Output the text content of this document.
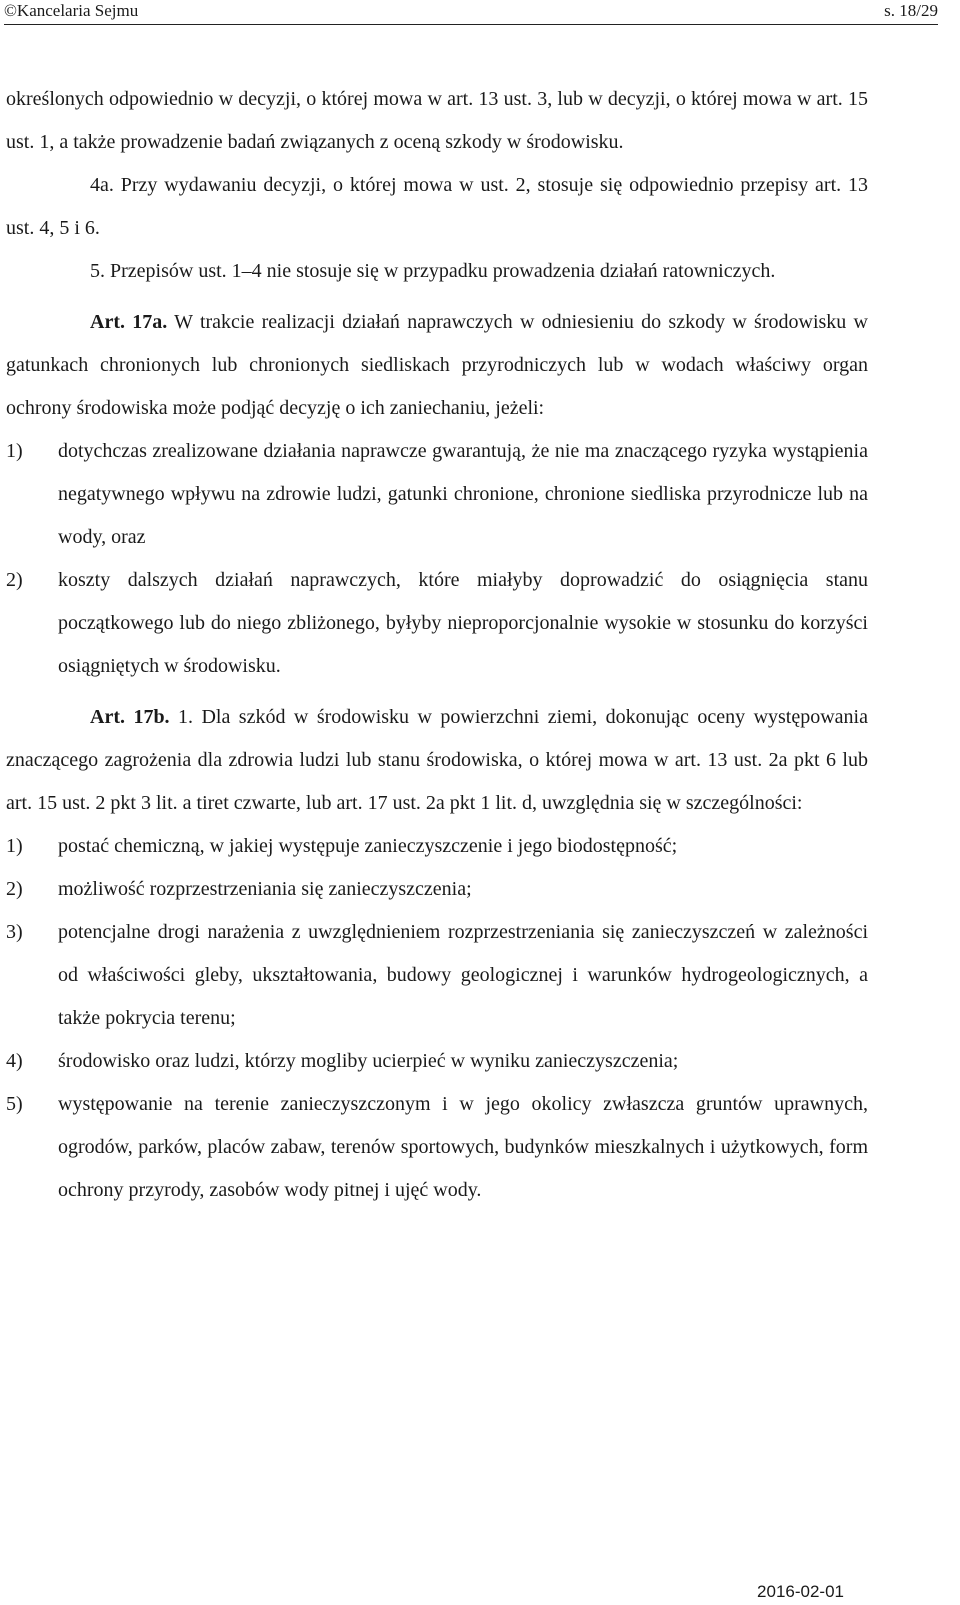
©Kancelaria Sejmu	s. 18/29

określonych odpowiednio w decyzji, o której mowa w art. 13 ust. 3, lub w decyzji, o której mowa w art. 15 ust. 1, a także prowadzenie badań związanych z oceną szkody w środowisku.

4a. Przy wydawaniu decyzji, o której mowa w ust. 2, stosuje się odpowiednio przepisy art. 13 ust. 4, 5 i 6.

5. Przepisów ust. 1–4 nie stosuje się w przypadku prowadzenia działań ratowniczych.

Art. 17a. W trakcie realizacji działań naprawczych w odniesieniu do szkody w środowisku w gatunkach chronionych lub chronionych siedliskach przyrodniczych lub w wodach właściwy organ ochrony środowiska może podjąć decyzję o ich zaniechaniu, jeżeli:

1)	dotychczas zrealizowane działania naprawcze gwarantują, że nie ma znaczącego ryzyka wystąpienia negatywnego wpływu na zdrowie ludzi, gatunki chronione, chronione siedliska przyrodnicze lub na wody, oraz
2)	koszty dalszych działań naprawczych, które miałyby doprowadzić do osiągnięcia stanu początkowego lub do niego zbliżonego, byłyby nieproporcjonalnie wysokie w stosunku do korzyści osiągniętych w środowisku.

Art. 17b. 1. Dla szkód w środowisku w powierzchni ziemi, dokonując oceny występowania znaczącego zagrożenia dla zdrowia ludzi lub stanu środowiska, o której mowa w art. 13 ust. 2a pkt 6 lub art. 15 ust. 2 pkt 3 lit. a tiret czwarte, lub art. 17 ust. 2a pkt 1 lit. d, uwzględnia się w szczególności:

1)	postać chemiczną, w jakiej występuje zanieczyszczenie i jego biodostępność;
2)	możliwość rozprzestrzeniania się zanieczyszczenia;
3)	potencjalne drogi narażenia z uwzględnieniem rozprzestrzeniania się zanieczyszczeń w zależności od właściwości gleby, ukształtowania, budowy geologicznej i warunków hydrogeologicznych, a także pokrycia terenu;
4)	środowisko oraz ludzi, którzy mogliby ucierpieć w wyniku zanieczyszczenia;
5)	występowanie na terenie zanieczyszczonym i w jego okolicy zwłaszcza gruntów uprawnych, ogrodów, parków, placów zabaw, terenów sportowych, budynków mieszkalnych i użytkowych, form ochrony przyrody, zasobów wody pitnej i ujęć wody.
2016-02-01
